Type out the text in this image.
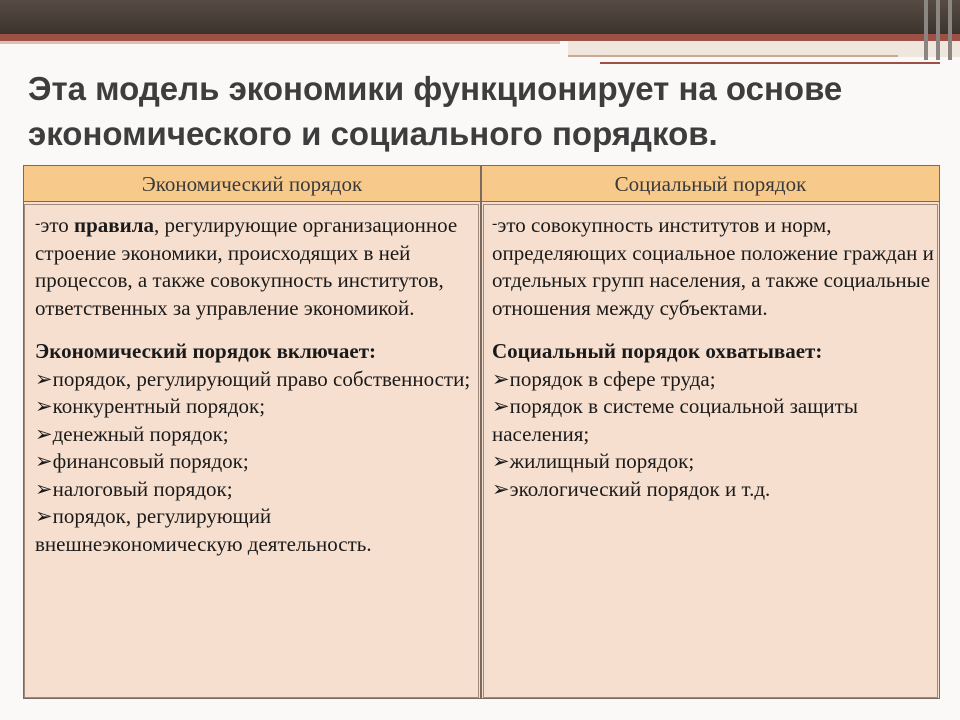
Эта модель экономики функционирует на основе экономического и социального порядков.
Экономический порядок	Социальный порядок

-это правила, регулирующие организационное строение экономики, происходящих в ней процессов, а также совокупность институтов, ответственных за управление экономикой.

Экономический порядок включает:

➢порядок, регулирующий право собственности;

➢конкурентный порядок;

➢денежный порядок;

➢финансовый порядок;

➢налоговый порядок;

➢порядок, регулирующий внешнеэкономическую деятельность.

-это совокупность институтов и норм, определяющих социальное положение граждан и отдельных групп населения, а также социальные отношения между субъектами.

Социальный порядок охватывает:

➢порядок в сфере труда;

➢порядок в системе социальной защиты населения;

➢жилищный порядок;

➢экологический порядок и т.д.
